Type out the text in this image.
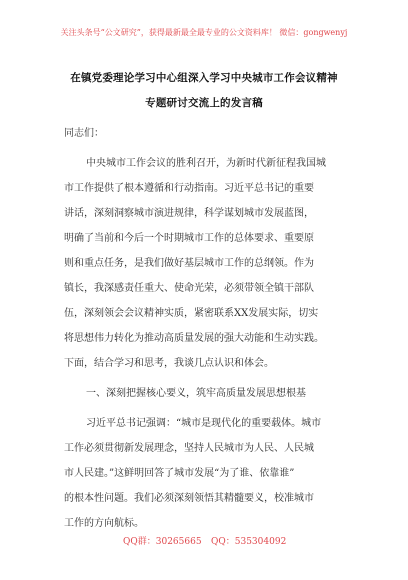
关注头条号“公文研究”，获得最新最全最专业的公文资料库！ 微信：gongwenyj
在镇党委理论学习中心组深入学习中央城市工作会议精神
专题研讨交流上的发言稿
同志们：
中央城市工作会议的胜利召开，为新时代新征程我国城
市工作提供了根本遵循和行动指南。习近平总书记的重要
讲话，深刻洞察城市演进规律，科学谋划城市发展蓝图，
明确了当前和今后一个时期城市工作的总体要求、重要原
则和重点任务，是我们做好基层城市工作的总纲领。作为
镇长，我深感责任重大、使命光荣，必须带领全镇干部队
伍，深刻领会会议精神实质，紧密联系XX发展实际，切实
将思想伟力转化为推动高质量发展的强大动能和生动实践。
下面，结合学习和思考，我谈几点认识和体会。
一、深刻把握核心要义，筑牢高质量发展思想根基
习近平总书记强调：“城市是现代化的重要载体。城市
工作必须贯彻新发展理念，坚持人民城市为人民、人民城
市人民建。”这鲜明回答了城市发展“为了谁、依靠谁”
的根本性问题。我们必须深刻领悟其精髓要义，校准城市
工作的方向航标。
QQ群：30265665 QQ：535304092
